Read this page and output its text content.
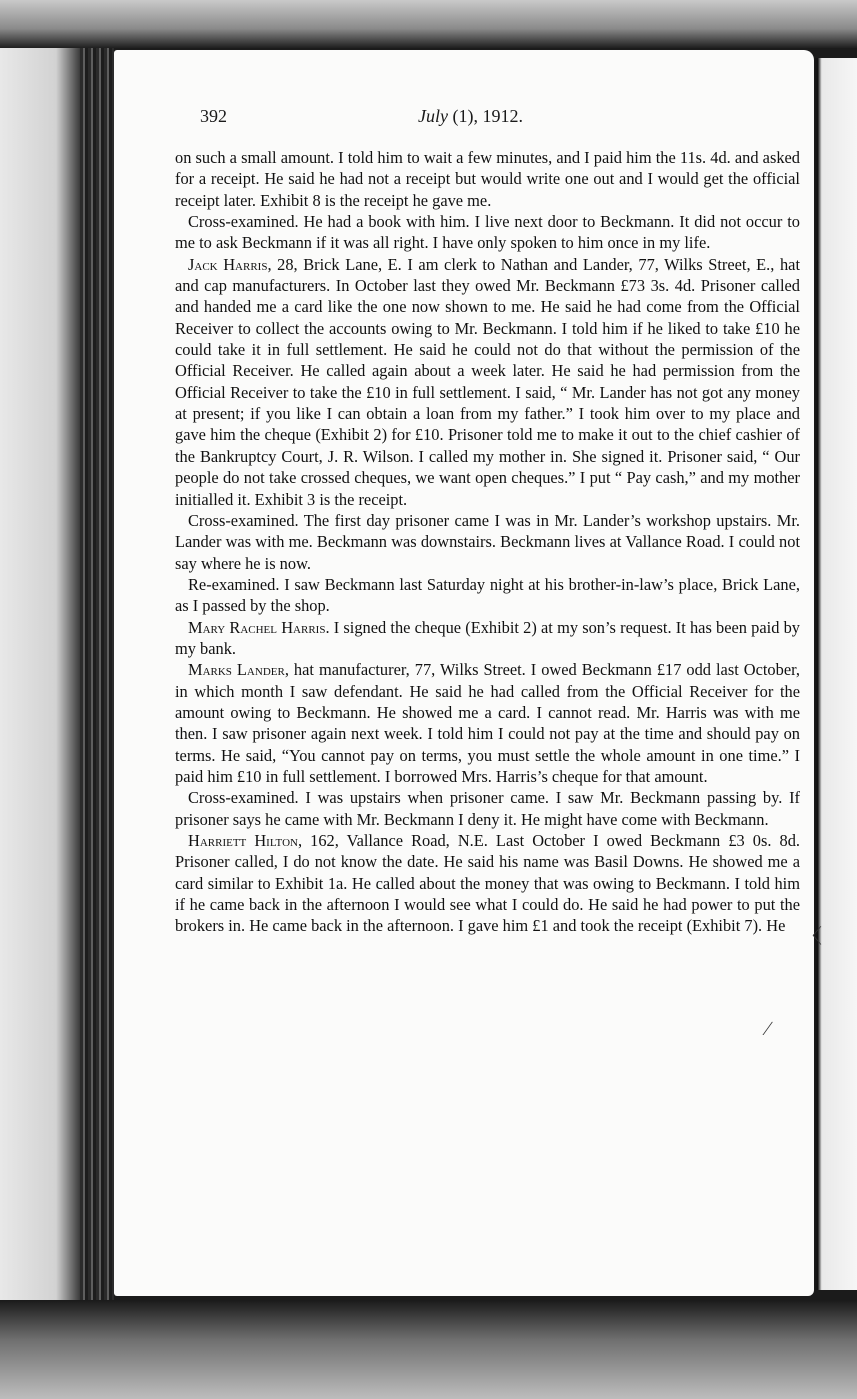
392	July (1), 1912.

on such a small amount. I told him to wait a few minutes, and I paid him the 11s. 4d. and asked for a receipt. He said he had not a receipt but would write one out and I would get the official receipt later. Exhibit 8 is the receipt he gave me.

Cross-examined. He had a book with him. I live next door to Beckmann. It did not occur to me to ask Beckmann if it was all right. I have only spoken to him once in my life.

Jack Harris, 28, Brick Lane, E. I am clerk to Nathan and Lander, 77, Wilks Street, E., hat and cap manufacturers. In October last they owed Mr. Beckmann £73 3s. 4d. Prisoner called and handed me a card like the one now shown to me. He said he had come from the Official Receiver to collect the accounts owing to Mr. Beckmann. I told him if he liked to take £10 he could take it in full settlement. He said he could not do that without the permission of the Official Receiver. He called again about a week later. He said he had permission from the Official Receiver to take the £10 in full settlement. I said, “ Mr. Lander has not got any money at present; if you like I can obtain a loan from my father.” I took him over to my place and gave him the cheque (Exhibit 2) for £10. Prisoner told me to make it out to the chief cashier of the Bankruptcy Court, J. R. Wilson. I called my mother in. She signed it. Prisoner said, “ Our people do not take crossed cheques, we want open cheques.” I put “ Pay cash,” and my mother initialled it. Exhibit 3 is the receipt.

Cross-examined. The first day prisoner came I was in Mr. Lander’s workshop upstairs. Mr. Lander was with me. Beckmann was downstairs. Beckmann lives at Vallance Road. I could not say where he is now.

Re-examined. I saw Beckmann last Saturday night at his brother-in-law’s place, Brick Lane, as I passed by the shop.

Mary Rachel Harris. I signed the cheque (Exhibit 2) at my son’s request. It has been paid by my bank.

Marks Lander, hat manufacturer, 77, Wilks Street. I owed Beckmann £17 odd last October, in which month I saw defendant. He said he had called from the Official Receiver for the amount owing to Beckmann. He showed me a card. I cannot read. Mr. Harris was with me then. I saw prisoner again next week. I told him I could not pay at the time and should pay on terms. He said, “You cannot pay on terms, you must settle the whole amount in one time.” I paid him £10 in full settlement. I borrowed Mrs. Harris’s cheque for that amount.

Cross-examined. I was upstairs when prisoner came. I saw Mr. Beckmann passing by. If prisoner says he came with Mr. Beckmann I deny it. He might have come with Beckmann.

Harriett Hilton, 162, Vallance Road, N.E. Last October I owed Beckmann £3 0s. 8d. Prisoner called, I do not know the date. He said his name was Basil Downs. He showed me a card similar to Exhibit 1a. He called about the money that was owing to Beckmann. I told him if he came back in the afternoon I would see what I could do. He said he had power to put the brokers in. He came back in the afternoon. I gave him £1 and took the receipt (Exhibit 7). He

∕
〈
